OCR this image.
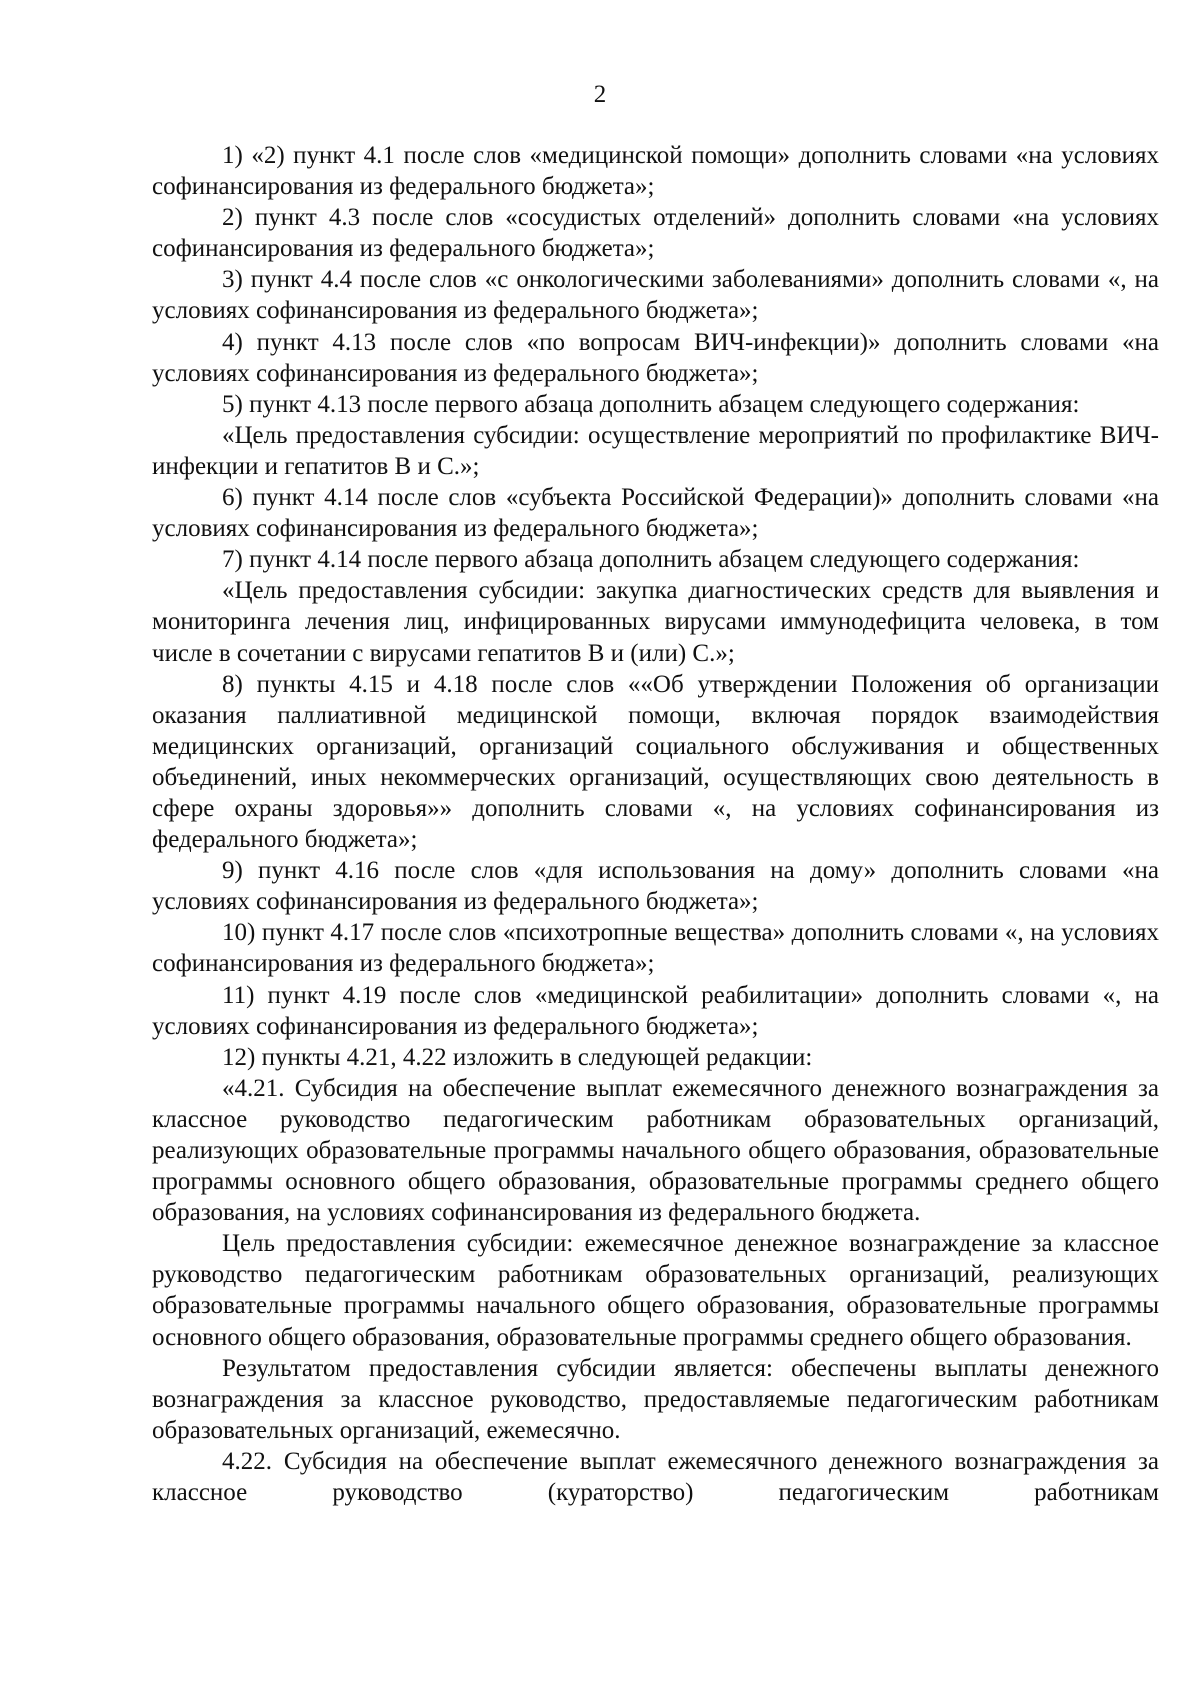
2

1) «2) пункт 4.1 после слов «медицинской помощи» дополнить словами «на условиях софинансирования из федерального бюджета»;

2) пункт 4.3 после слов «сосудистых отделений» дополнить словами «на условиях софинансирования из федерального бюджета»;

3) пункт 4.4 после слов «с онкологическими заболеваниями» дополнить словами «, на условиях софинансирования из федерального бюджета»;

4) пункт 4.13 после слов «по вопросам ВИЧ-инфекции)» дополнить словами «на условиях софинансирования из федерального бюджета»;

5) пункт 4.13 после первого абзаца дополнить абзацем следующего содержания:

«Цель предоставления субсидии: осуществление мероприятий по профилактике ВИЧ-инфекции и гепатитов B и C.»;

6) пункт 4.14 после слов «субъекта Российской Федерации)» дополнить словами «на условиях софинансирования из федерального бюджета»;

7) пункт 4.14 после первого абзаца дополнить абзацем следующего содержания:

«Цель предоставления субсидии: закупка диагностических средств для выявления и мониторинга лечения лиц, инфицированных вирусами иммунодефицита человека, в том числе в сочетании с вирусами гепатитов B и (или) C.»;

8) пункты 4.15 и 4.18 после слов ««Об утверждении Положения об организации оказания паллиативной медицинской помощи, включая порядок взаимодействия медицинских организаций, организаций социального обслуживания и общественных объединений, иных некоммерческих организаций, осуществляющих свою деятельность в сфере охраны здоровья»» дополнить словами «, на условиях софинансирования из федерального бюджета»;

9) пункт 4.16 после слов «для использования на дому» дополнить словами «на условиях софинансирования из федерального бюджета»;

10) пункт 4.17 после слов «психотропные вещества» дополнить словами «, на условиях софинансирования из федерального бюджета»;

11) пункт 4.19 после слов «медицинской реабилитации» дополнить словами «, на условиях софинансирования из федерального бюджета»;

12) пункты 4.21, 4.22 изложить в следующей редакции:

«4.21. Субсидия на обеспечение выплат ежемесячного денежного вознаграждения за классное руководство педагогическим работникам образовательных организаций, реализующих образовательные программы начального общего образования, образовательные программы основного общего образования, образовательные программы среднего общего образования, на условиях софинансирования из федерального бюджета.

Цель предоставления субсидии: ежемесячное денежное вознаграждение за классное руководство педагогическим работникам образовательных организаций, реализующих образовательные программы начального общего образования, образовательные программы основного общего образования, образовательные программы среднего общего образования.

Результатом предоставления субсидии является: обеспечены выплаты денежного вознаграждения за классное руководство, предоставляемые педагогическим работникам образовательных организаций, ежемесячно.

4.22. Субсидия на обеспечение выплат ежемесячного денежного вознаграждения за классное руководство (кураторство) педагогическим работникам
